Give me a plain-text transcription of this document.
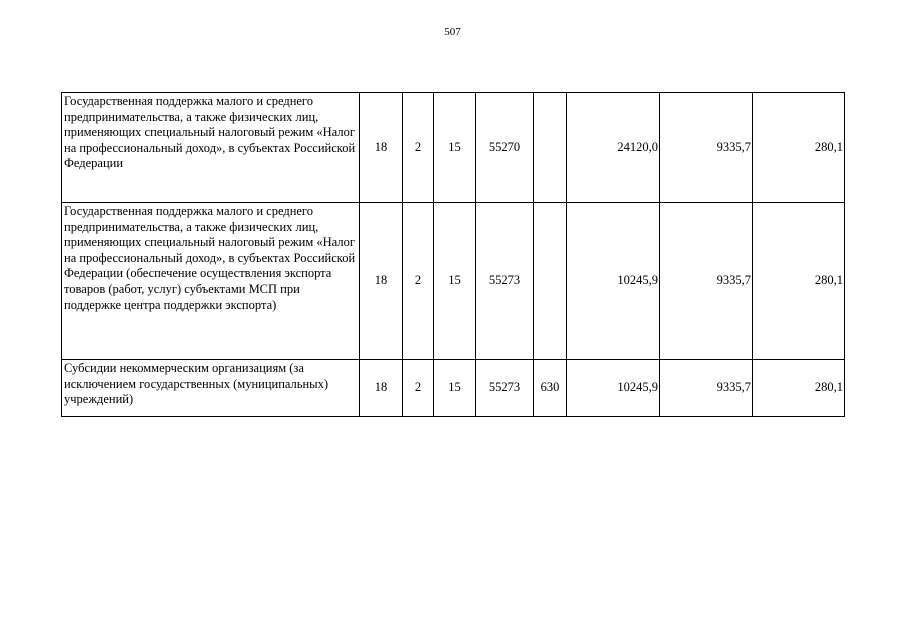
507
Государственная поддержка малого и среднего предпринимательства, а также физических лиц, применяющих специальный налоговый режим «Налог на профессиональный доход», в субъектах Российской Федерации	18	2	15	55270		24120,0	9335,7	280,1
Государственная поддержка малого и среднего предпринимательства, а также физических лиц, применяющих специальный налоговый режим «Налог на профессиональный доход», в субъектах Российской Федерации (обеспечение осуществления экспорта товаров (работ, услуг) субъектами МСП при поддержке центра поддержки экспорта)	18	2	15	55273		10245,9	9335,7	280,1
Субсидии некоммерческим организациям (за исключением государственных (муниципальных) учреждений)	18	2	15	55273	630	10245,9	9335,7	280,1
